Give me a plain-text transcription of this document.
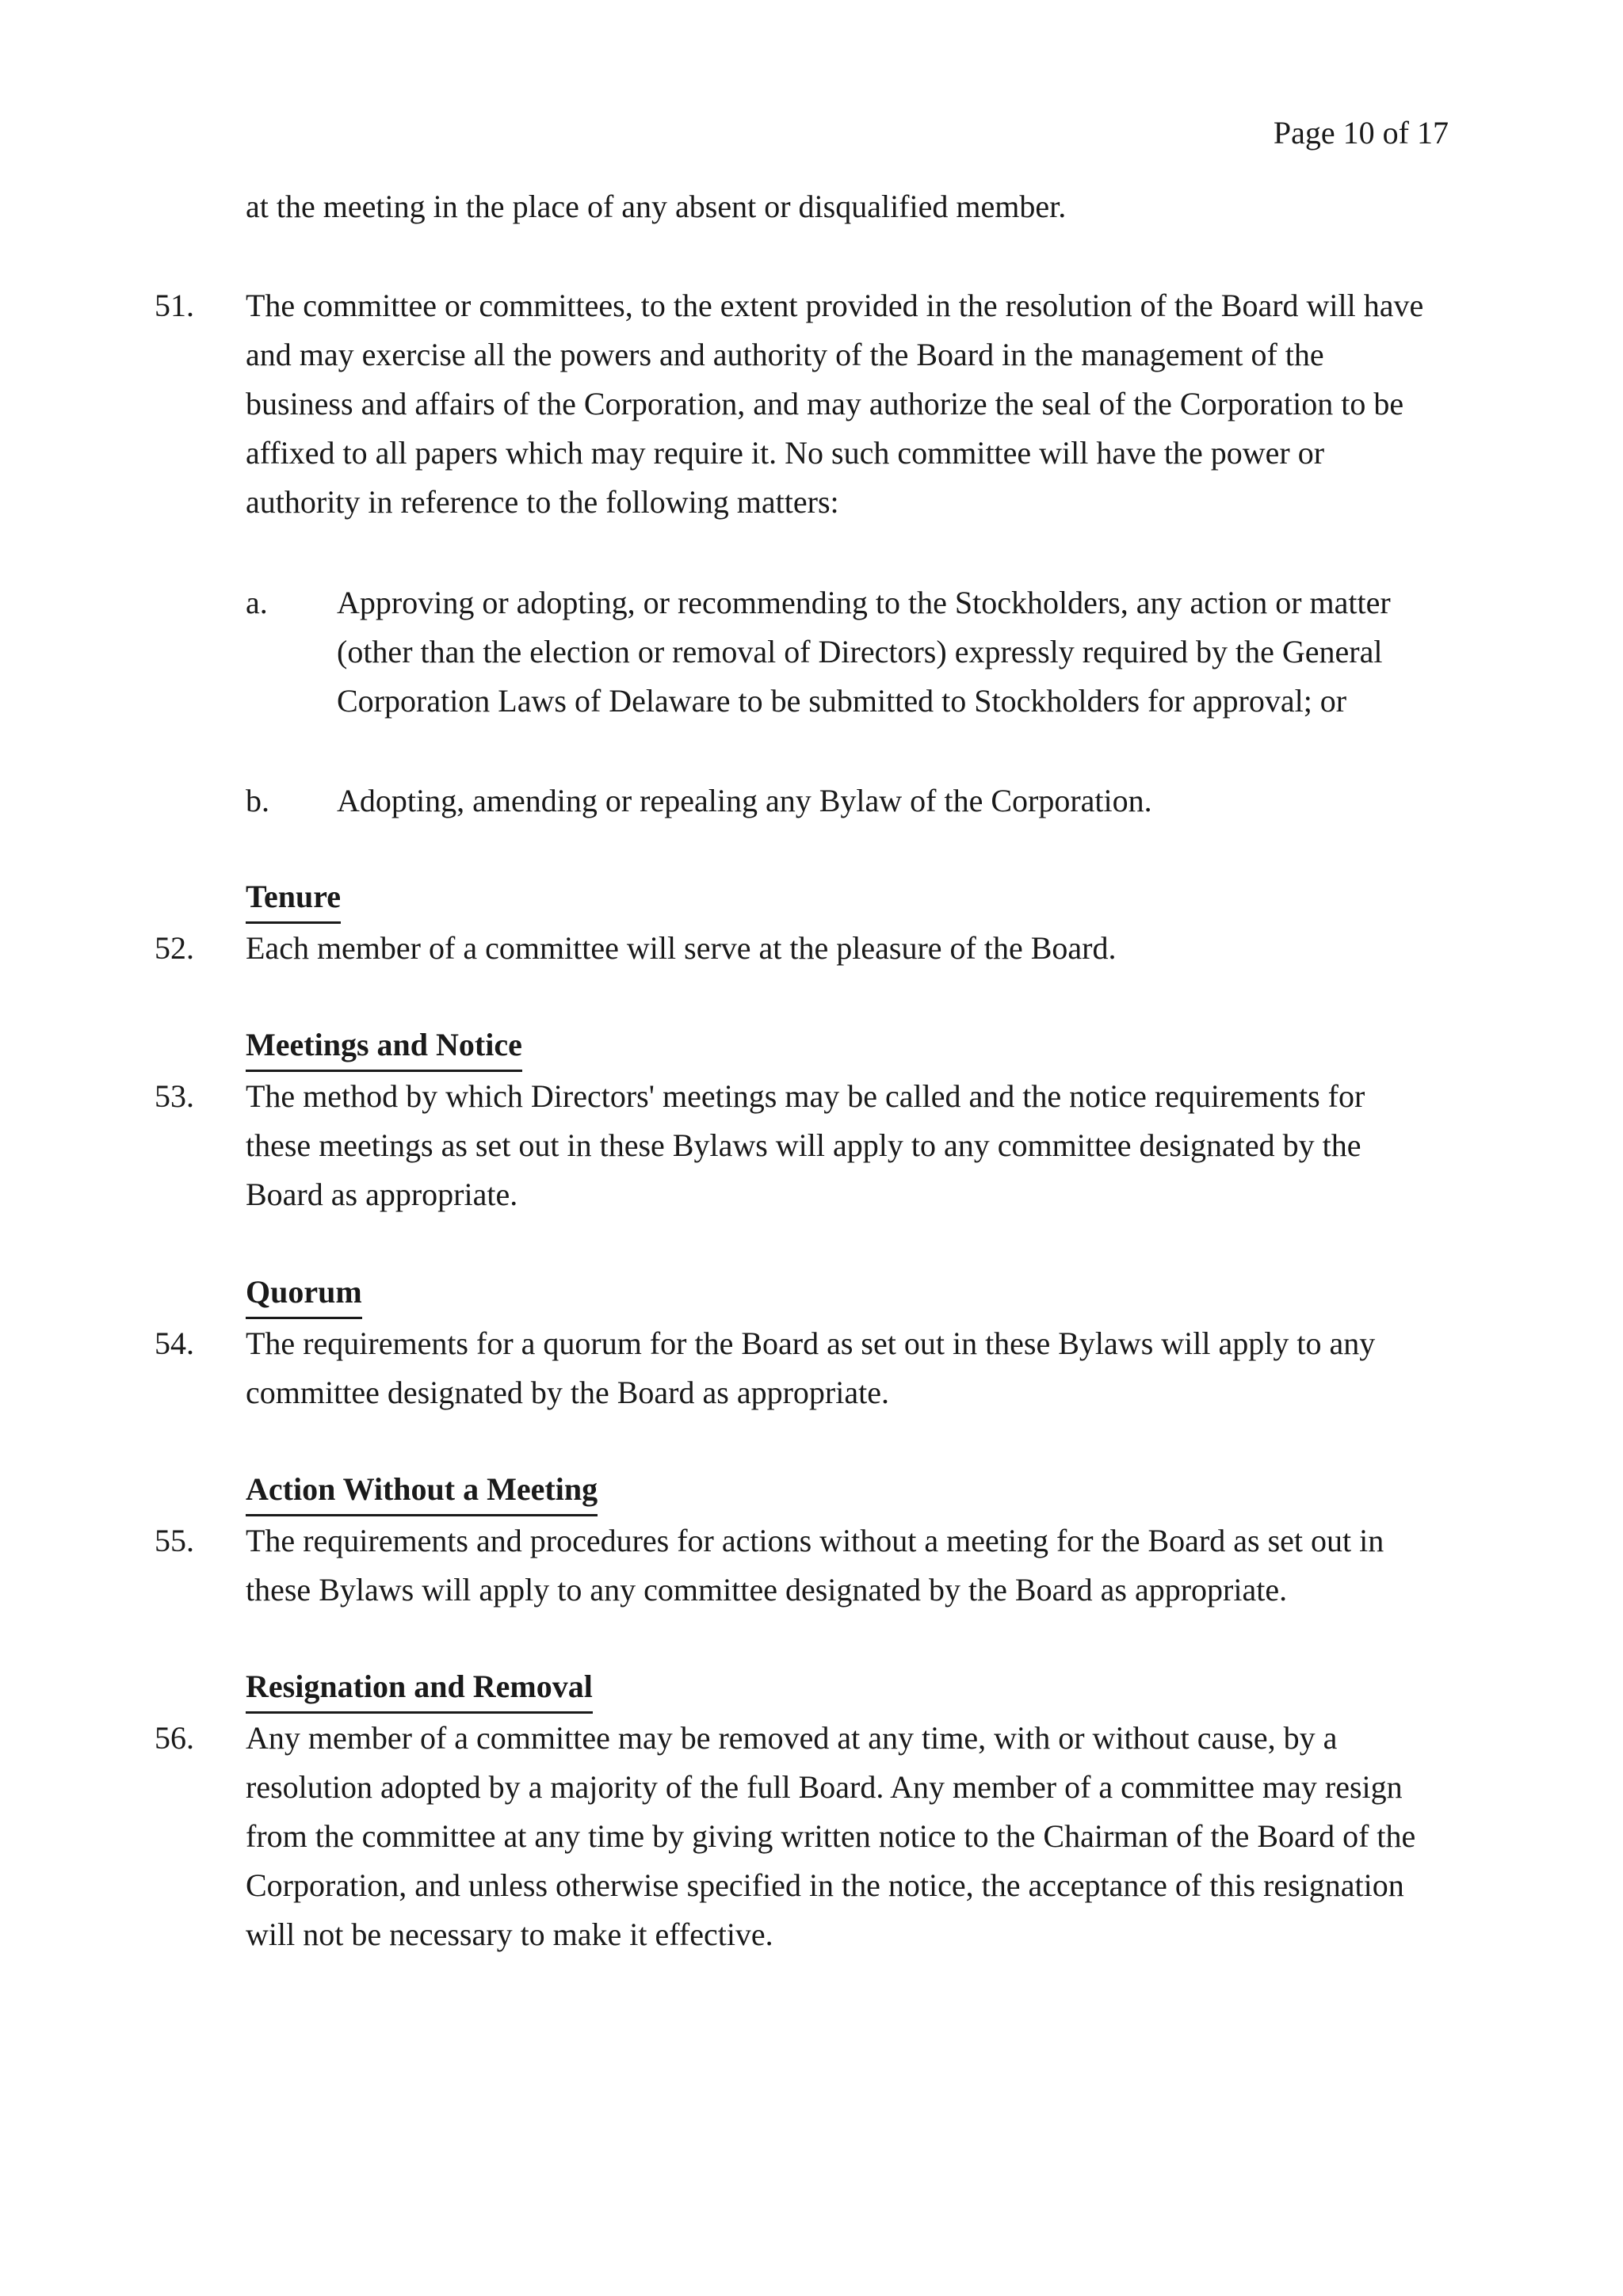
Page 10 of 17
at the meeting in the place of any absent or disqualified member.
51. The committee or committees, to the extent provided in the resolution of the Board will have
and may exercise all the powers and authority of the Board in the management of the
business and affairs of the Corporation, and may authorize the seal of the Corporation to be
affixed to all papers which may require it. No such committee will have the power or
authority in reference to the following matters:
a. Approving or adopting, or recommending to the Stockholders, any action or matter
(other than the election or removal of Directors) expressly required by the General
Corporation Laws of Delaware to be submitted to Stockholders for approval; or
b. Adopting, amending or repealing any Bylaw of the Corporation.
Tenure
52. Each member of a committee will serve at the pleasure of the Board.
Meetings and Notice
53. The method by which Directors' meetings may be called and the notice requirements for
these meetings as set out in these Bylaws will apply to any committee designated by the
Board as appropriate.
Quorum
54. The requirements for a quorum for the Board as set out in these Bylaws will apply to any
committee designated by the Board as appropriate.
Action Without a Meeting
55. The requirements and procedures for actions without a meeting for the Board as set out in
these Bylaws will apply to any committee designated by the Board as appropriate.
Resignation and Removal
56. Any member of a committee may be removed at any time, with or without cause, by a
resolution adopted by a majority of the full Board. Any member of a committee may resign
from the committee at any time by giving written notice to the Chairman of the Board of the
Corporation, and unless otherwise specified in the notice, the acceptance of this resignation
will not be necessary to make it effective.
